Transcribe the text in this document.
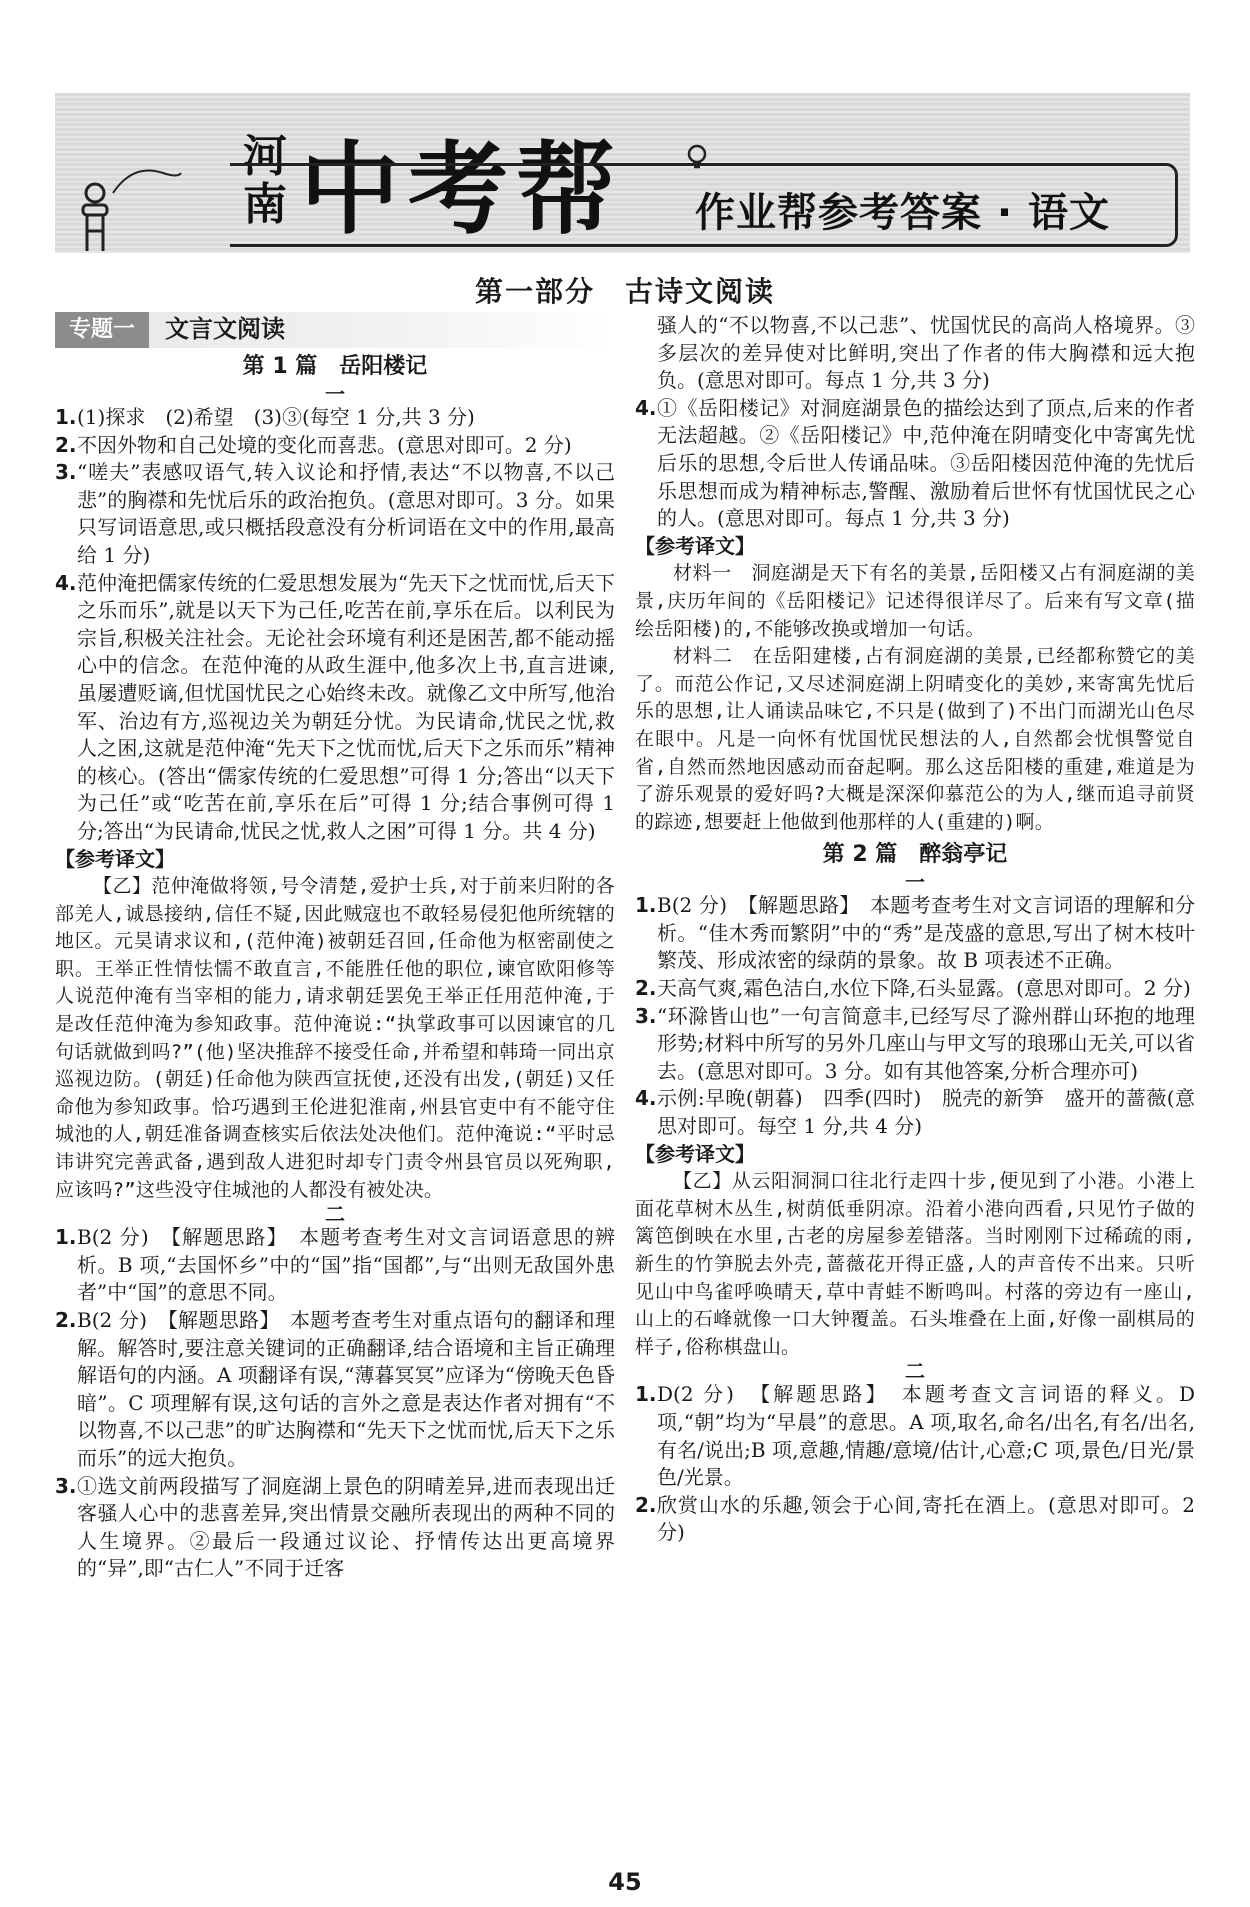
河南 中考帮 作业帮参考答案 · 语文
第一部分　古诗文阅读
专题一	文言文阅读
第 1 篇　岳阳楼记
一
1 . (1)探求　(2)希望　(3)③(每空 1 分,共 3 分)
2 . 不因外物和自己处境的变化而喜悲。(意思对即可。2 分)
3 . “嗟夫”表感叹语气,转入议论和抒情,表达“不以物喜,不以己悲”的胸襟和先忧后乐的政治抱负。(意思对即可。3 分。如果只写词语意思,或只概括段意没有分析词语在文中的作用,最高给 1 分)
4 . 范仲淹把儒家传统的仁爱思想发展为“先天下之忧而忧,后天下之乐而乐”,就是以天下为己任,吃苦在前,享乐在后。以利民为宗旨,积极关注社会。无论社会环境有利还是困苦,都不能动摇心中的信念。在范仲淹的从政生涯中,他多次上书,直言进谏,虽屡遭贬谪,但忧国忧民之心始终未改。就像乙文中所写,他治军、治边有方,巡视边关为朝廷分忧。为民请命,忧民之忧,救人之困,这就是范仲淹“先天下之忧而忧,后天下之乐而乐”精神的核心。(答出“儒家传统的仁爱思想”可得 1 分;答出“以天下为己任”或“吃苦在前,享乐在后”可得 1 分;结合事例可得 1 分;答出“为民请命,忧民之忧,救人之困”可得 1 分。共 4 分)
【参考译文】

【乙】范仲淹做将领,号令清楚,爱护士兵,对于前来归附的各部羌人,诚恳接纳,信任不疑,因此贼寇也不敢轻易侵犯他所统辖的地区。元昊请求议和,(范仲淹)被朝廷召回,任命他为枢密副使之职。王举正性情怯懦不敢直言,不能胜任他的职位,谏官欧阳修等人说范仲淹有当宰相的能力,请求朝廷罢免王举正任用范仲淹,于是改任范仲淹为参知政事。范仲淹说:“执掌政事可以因谏官的几句话就做到吗?”(他)坚决推辞不接受任命,并希望和韩琦一同出京巡视边防。(朝廷)任命他为陕西宣抚使,还没有出发,(朝廷)又任命他为参知政事。恰巧遇到王伦进犯淮南,州县官吏中有不能守住城池的人,朝廷准备调查核实后依法处决他们。范仲淹说:“平时忌讳讲究完善武备,遇到敌人进犯时却专门责令州县官员以死殉职,应该吗?”这些没守住城池的人都没有被处决。

二
1 . B(2 分)　【解题思路】　本题考查考生对文言词语意思的辨析。B 项,“去国怀乡”中的“国”指“国都”,与“出则无敌国外患者”中“国”的意思不同。
2 . B(2 分)　【解题思路】　本题考查考生对重点语句的翻译和理解。解答时,要注意关键词的正确翻译,结合语境和主旨正确理解语句的内涵。A 项翻译有误,“薄暮冥冥”应译为“傍晚天色昏暗”。C 项理解有误,这句话的言外之意是表达作者对拥有“不以物喜,不以己悲”的旷达胸襟和“先天下之忧而忧,后天下之乐而乐”的远大抱负。
3 . ①选文前两段描写了洞庭湖上景色的阴晴差异,进而表现出迁客骚人心中的悲喜差异,突出情景交融所表现出的两种不同的人生境界。②最后一段通过议论、抒情传达出更高境界的“异”,即“古仁人”不同于迁客
骚人的“不以物喜,不以己悲”、忧国忧民的高尚人格境界。③多层次的差异使对比鲜明,突出了作者的伟大胸襟和远大抱负。(意思对即可。每点 1 分,共 3 分)
4 . ①《岳阳楼记》对洞庭湖景色的描绘达到了顶点,后来的作者无法超越。②《岳阳楼记》中,范仲淹在阴晴变化中寄寓先忧后乐的思想,令后世人传诵品味。③岳阳楼因范仲淹的先忧后乐思想而成为精神标志,警醒、激励着后世怀有忧国忧民之心的人。(意思对即可。每点 1 分,共 3 分)
【参考译文】

材料一　洞庭湖是天下有名的美景,岳阳楼又占有洞庭湖的美景,庆历年间的《岳阳楼记》记述得很详尽了。后来有写文章(描绘岳阳楼)的,不能够改换或增加一句话。

材料二　在岳阳建楼,占有洞庭湖的美景,已经都称赞它的美了。而范公作记,又尽述洞庭湖上阴晴变化的美妙,来寄寓先忧后乐的思想,让人诵读品味它,不只是(做到了)不出门而湖光山色尽在眼中。凡是一向怀有忧国忧民想法的人,自然都会忧惧警觉自省,自然而然地因感动而奋起啊。那么这岳阳楼的重建,难道是为了游乐观景的爱好吗?大概是深深仰慕范公的为人,继而追寻前贤的踪迹,想要赶上他做到他那样的人(重建的)啊。

第 2 篇　醉翁亭记
一
1 . B(2 分)　【解题思路】　本题考查考生对文言词语的理解和分析。“佳木秀而繁阴”中的“秀”是茂盛的意思,写出了树木枝叶繁茂、形成浓密的绿荫的景象。故 B 项表述不正确。
2 . 天高气爽,霜色洁白,水位下降,石头显露。(意思对即可。2 分)
3 . “环滁皆山也”一句言简意丰,已经写尽了滁州群山环抱的地理形势;材料中所写的另外几座山与甲文写的琅琊山无关,可以省去。(意思对即可。3 分。如有其他答案,分析合理亦可)
4 . 示例:早晚(朝暮)　四季(四时)　脱壳的新笋　盛开的蔷薇(意思对即可。每空 1 分,共 4 分)
【参考译文】

【乙】从云阳洞洞口往北行走四十步,便见到了小港。小港上面花草树木丛生,树荫低垂阴凉。沿着小港向西看,只见竹子做的篱笆倒映在水里,古老的房屋参差错落。当时刚刚下过稀疏的雨,新生的竹笋脱去外壳,蔷薇花开得正盛,人的声音传不出来。只听见山中鸟雀呼唤晴天,草中青蛙不断鸣叫。村落的旁边有一座山,山上的石峰就像一口大钟覆盖。石头堆叠在上面,好像一副棋局的样子,俗称棋盘山。

二
1 . D(2 分)　【解题思路】　本题考查文言词语的释义。D 项,“朝”均为“早晨”的意思。A 项,取名,命名/出名,有名/出名,有名/说出;B 项,意趣,情趣/意境/估计,心意;C 项,景色/日光/景色/光景。
2 . 欣赏山水的乐趣,领会于心间,寄托在酒上。(意思对即可。2 分)
45
